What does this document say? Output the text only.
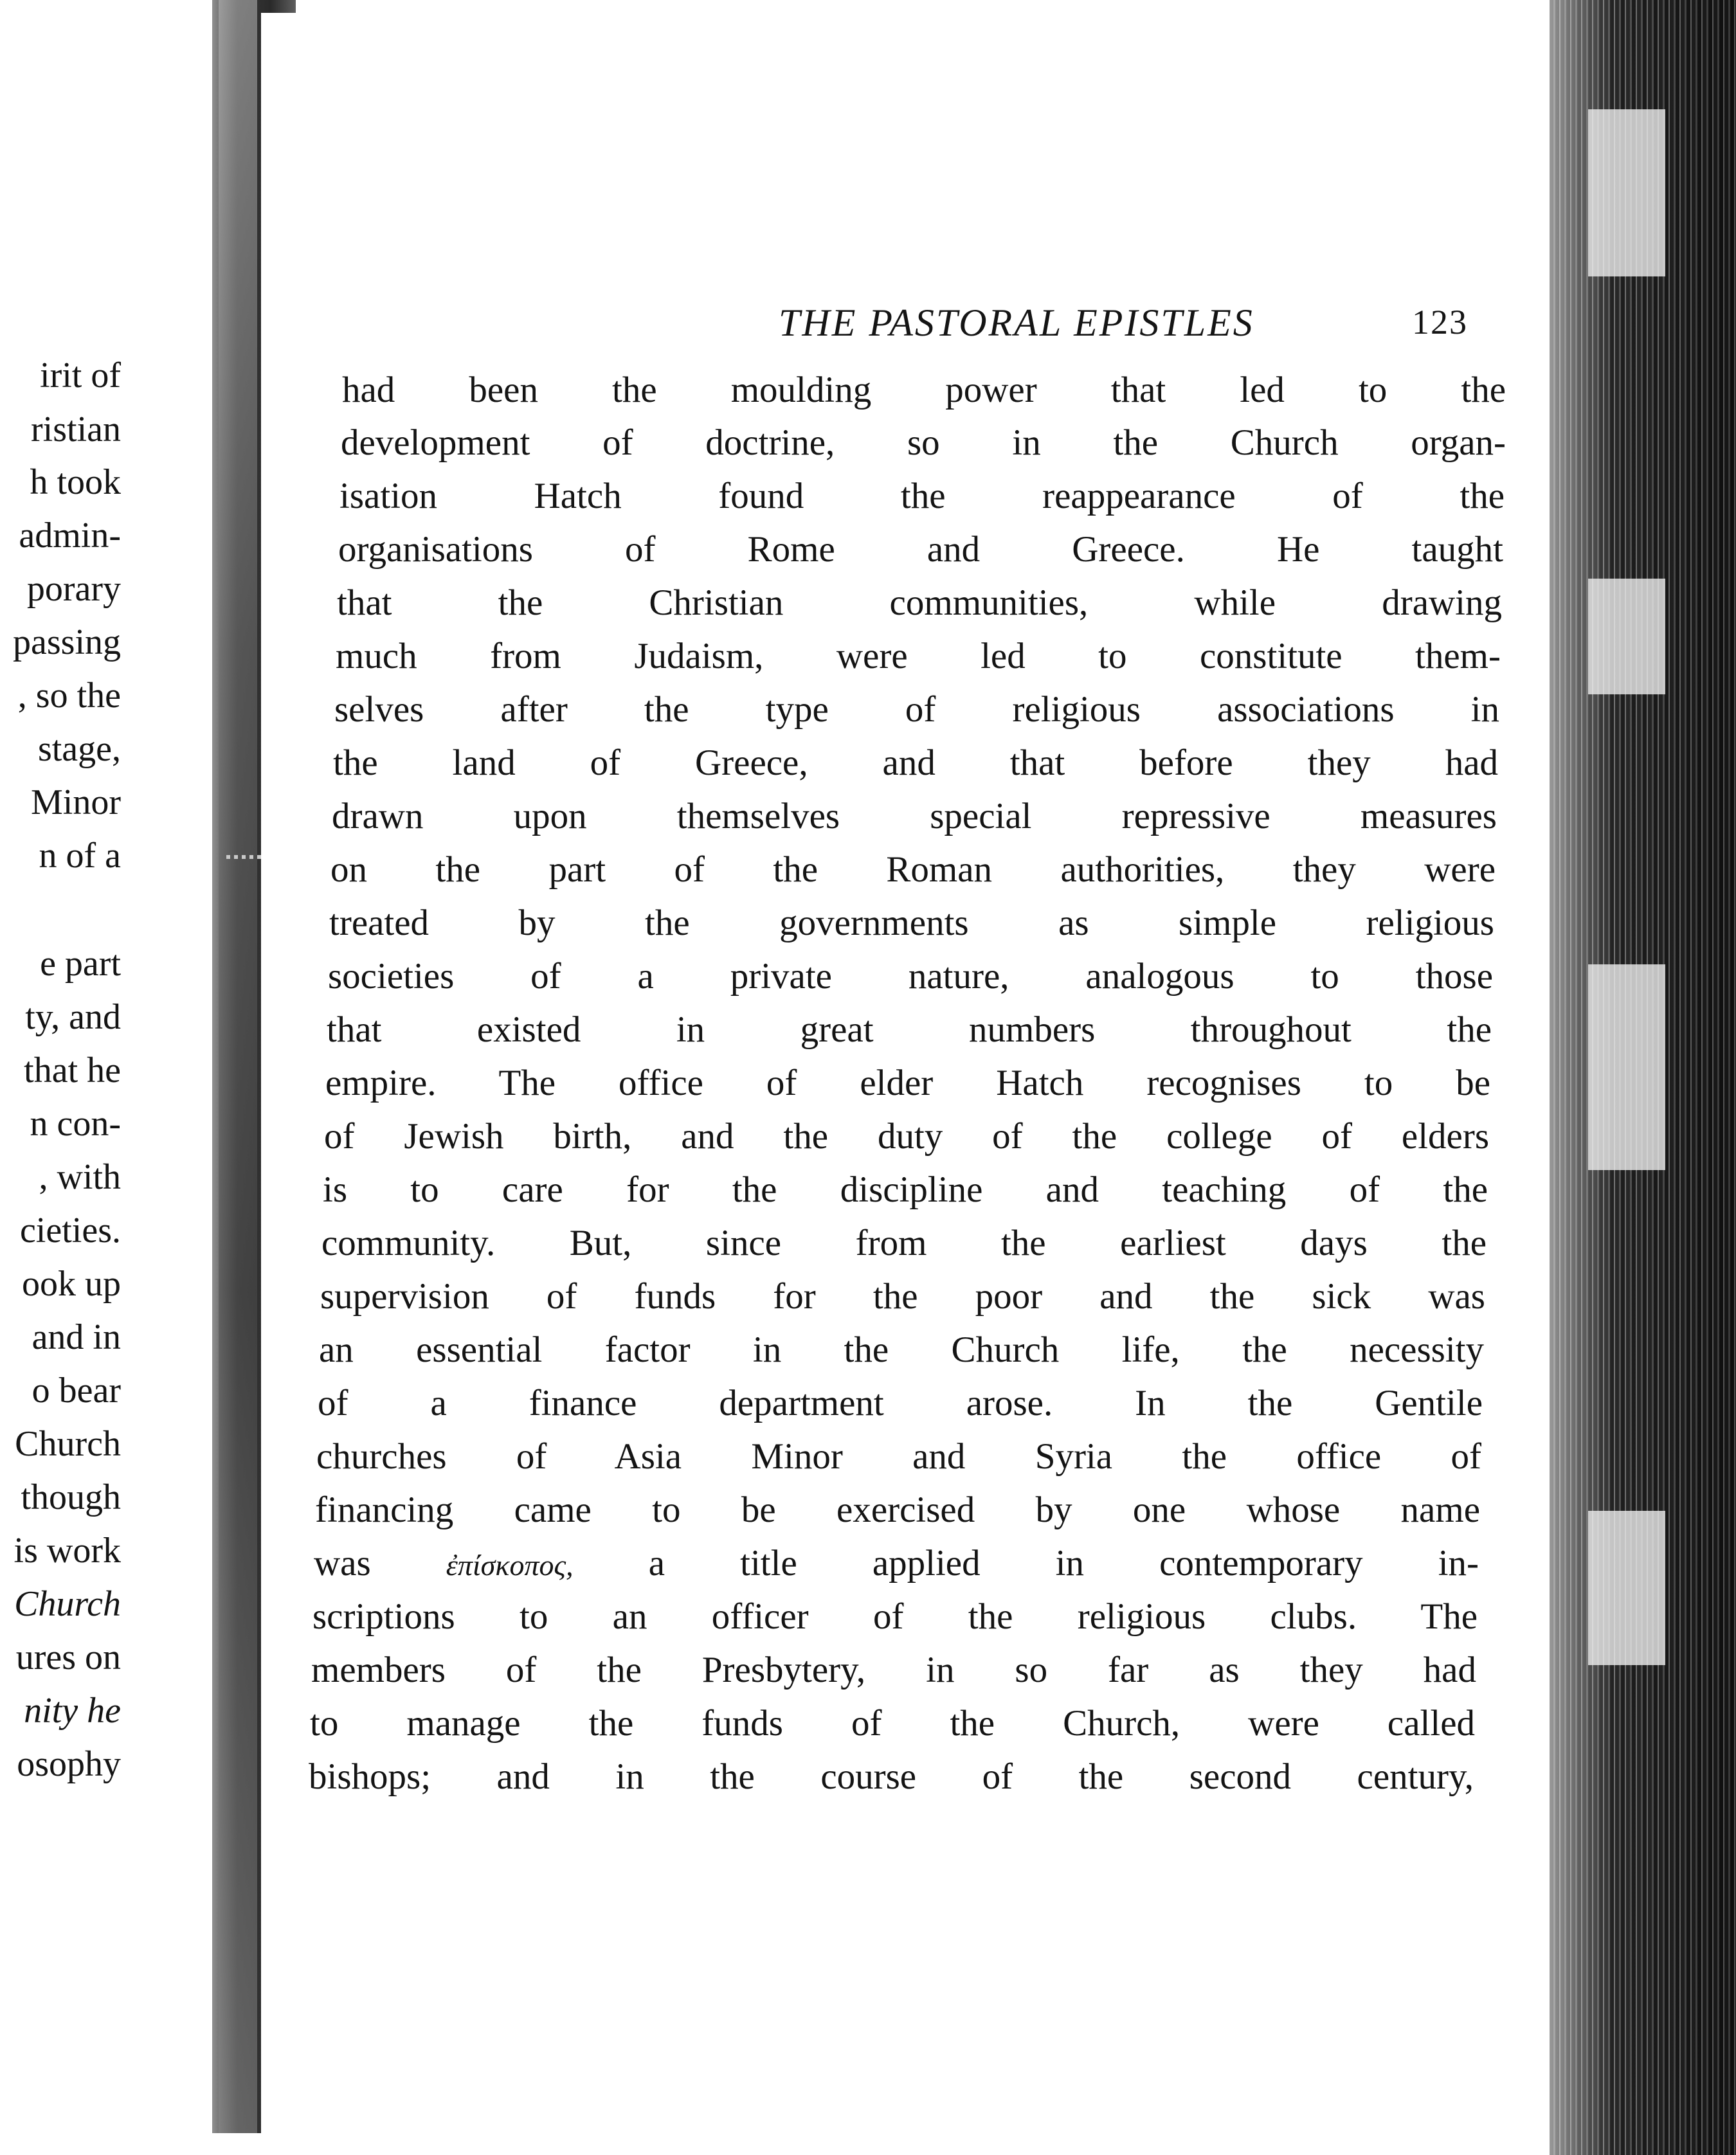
irit of
ristian
h took
admin-
porary
passing
, so the
stage,
Minor
n of a
e part
ty, and
that he
n con-
, with
cieties.
ook up
and in
o bear
Church
though
is work
Church
ures on
nity he
osophy
THE PASTORAL EPISTLES	123
had been the moulding power that led to the
development of doctrine, so in the Church organ-
isation Hatch found the reappearance of the
organisations of Rome and Greece. He taught
that the Christian communities, while drawing
much from Judaism, were led to constitute them-
selves after the type of religious associations in
the land of Greece, and that before they had
drawn upon themselves special repressive measures
on the part of the Roman authorities, they were
treated by the governments as simple religious
societies of a private nature, analogous to those
that existed in great numbers throughout the
empire. The office of elder Hatch recognises to be
of Jewish birth, and the duty of the college of elders
is to care for the discipline and teaching of the
community. But, since from the earliest days the
supervision of funds for the poor and the sick was
an essential factor in the Church life, the necessity
of a finance department arose. In the Gentile
churches of Asia Minor and Syria the office of
financing came to be exercised by one whose name
was	ἐπίσκοπος, a title applied in contemporary in-
scriptions to an officer of the religious clubs. The
members of the Presbytery, in so far as they had
to manage the funds of the Church, were called
bishops; and in the course of the second century,
